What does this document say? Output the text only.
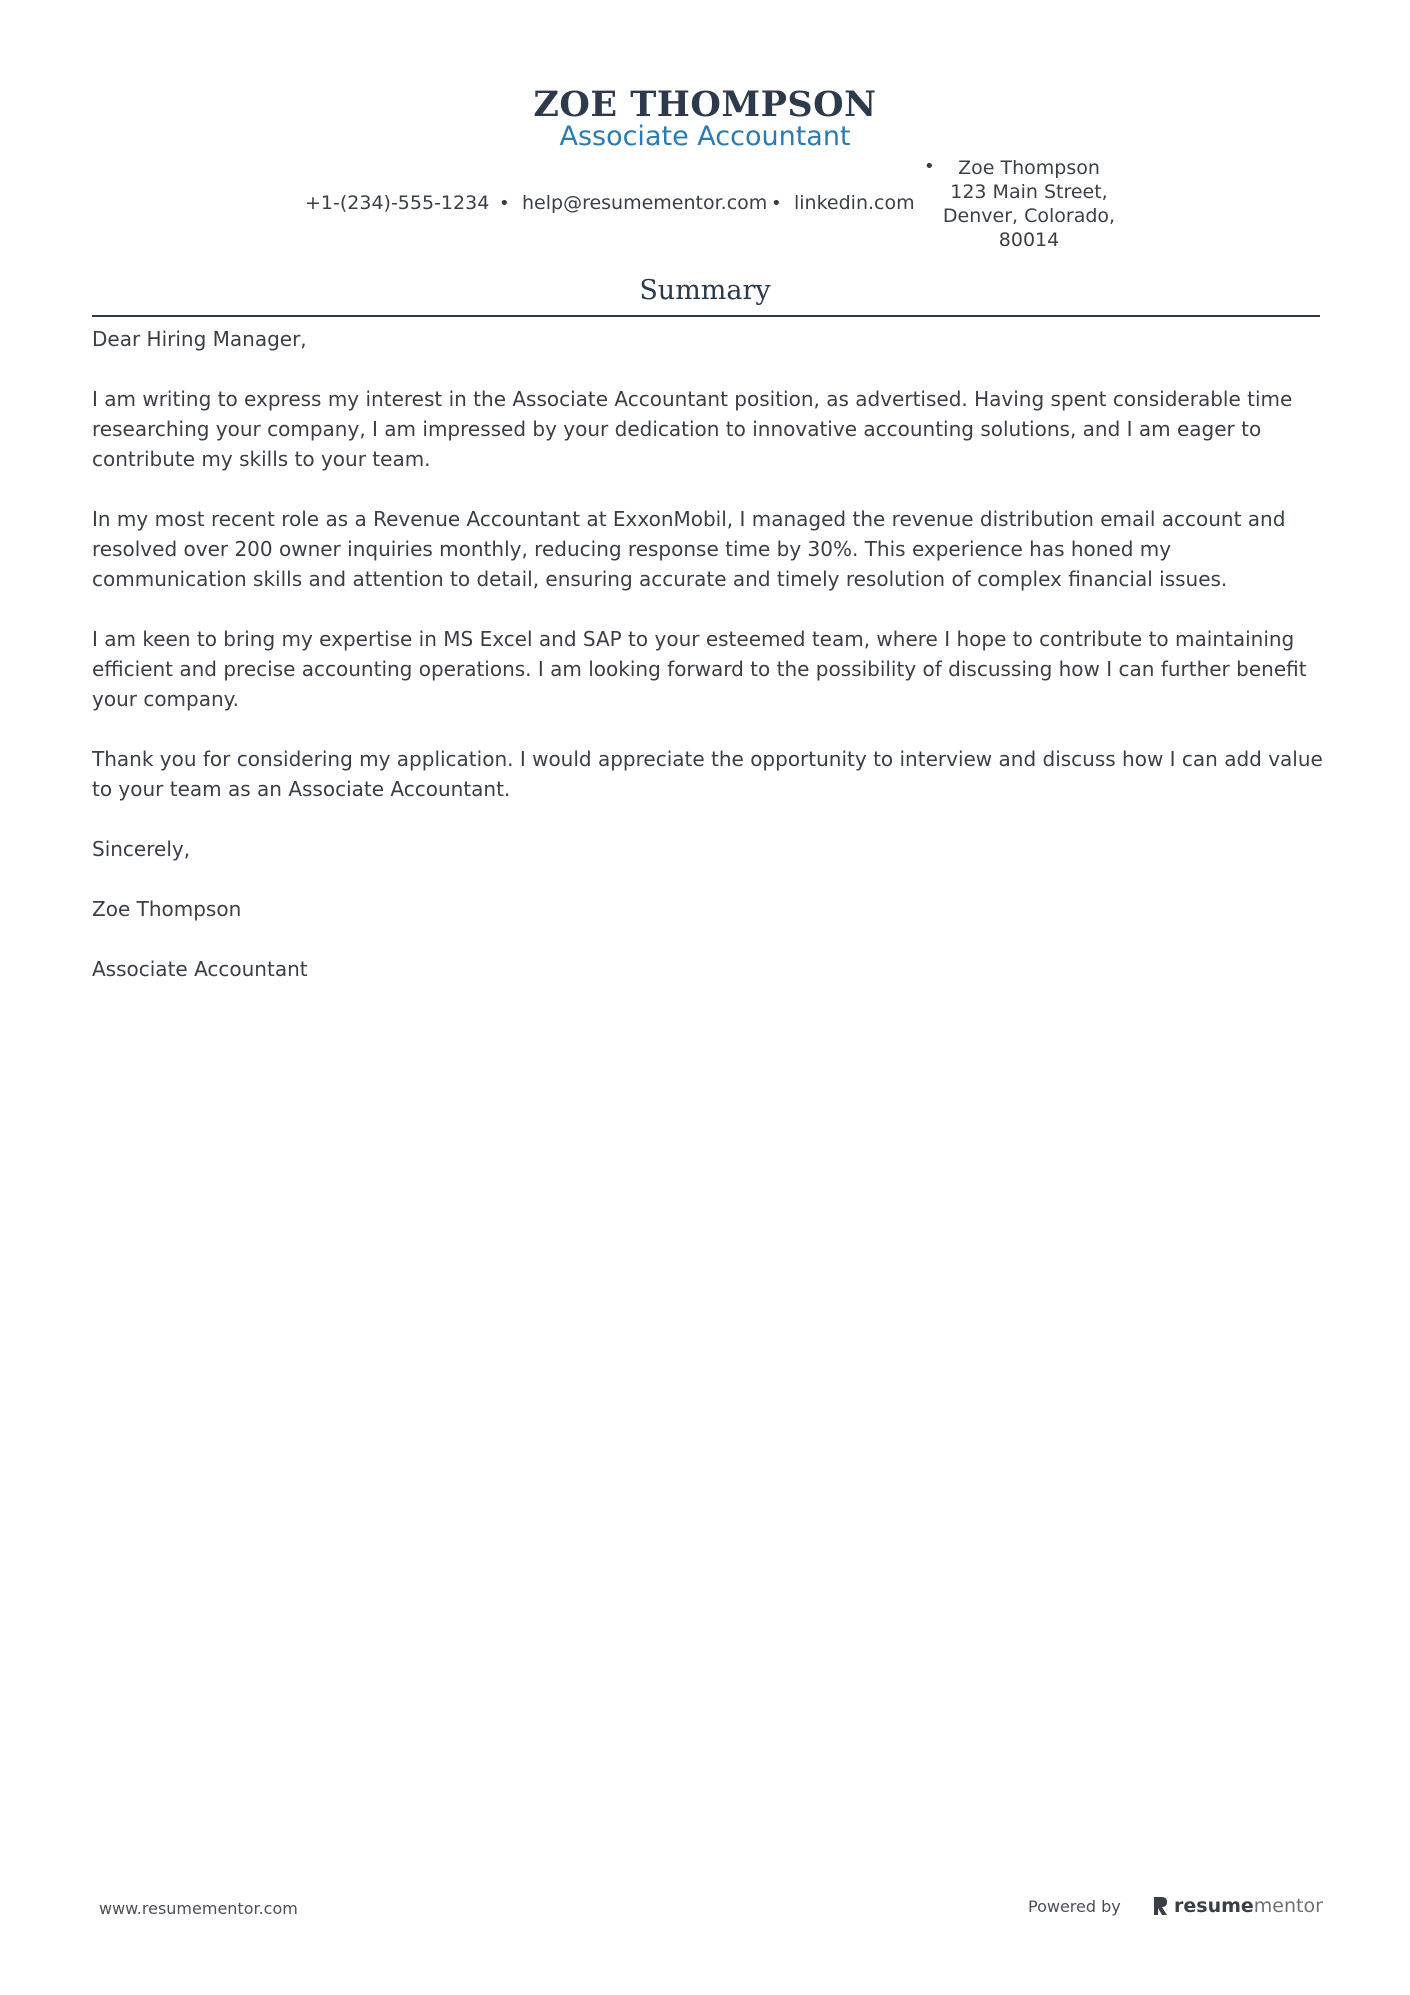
ZOE THOMPSON
Associate Accountant
+1-(234)-555-1234 • help@resumementor.com • linkedin.com
•	Zoe Thompson
123 Main Street,
Denver, Colorado,
80014
Summary

Dear Hiring Manager,

I am writing to express my interest in the Associate Accountant position, as advertised. Having spent considerable time researching your company, I am impressed by your dedication to innovative accounting solutions, and I am eager to contribute my skills to your team.

In my most recent role as a Revenue Accountant at ExxonMobil, I managed the revenue distribution email account and resolved over 200 owner inquiries monthly, reducing response time by 30%. This experience has honed my communication skills and attention to detail, ensuring accurate and timely resolution of complex financial issues.

I am keen to bring my expertise in MS Excel and SAP to your esteemed team, where I hope to contribute to maintaining efficient and precise accounting operations. I am looking forward to the possibility of discussing how I can further benefit your company.

Thank you for considering my application. I would appreciate the opportunity to interview and discuss how I can add value to your team as an Associate Accountant.

Sincerely,

Zoe Thompson

Associate Accountant

www.resumementor.com	Powered by	resumementor
